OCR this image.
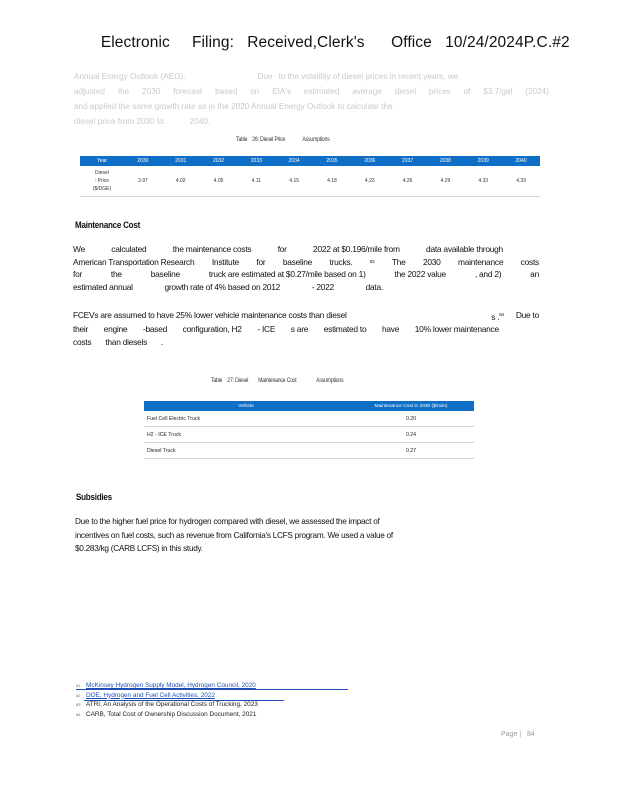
Electronic Filing: Received,Clerk's Office 10/24/2024P.C.#2

Annual Energy Outlook (AEO).	Due to the volatility of diesel prices in recent years, we
adjusted the 2030 forecast based on EIA's estimated average diesel prices of $3.7/gal (2024)
and applied the same growth rate as in the 2020 Annual Energy Outlook to calculate the
diesel price from 2030 to	2040.
Table 26: Diesel Price	Assumptions
Year	2030	2031	2032	2033	2034	2035	2036	2037	2038	2039	2040

Diesel
: Price
($/DGE)	3.97	4.02	4.05	4.11	4.15	4.18	4.23	4.26	4.29	4.33	4.33
Maintenance Cost
We	calculated	the maintenance costs	for	2022 at $0.196/mile from	data available through
American Transportation Research Institute for baseline trucks.	83 The 2030 maintenance costs
for	the	baseline	truck are estimated at $0.27/mile based on 1)	the 2022 value	, and 2)	an
estimated annual	growth rate of 4% based on 2012	- 2022	data.
FCEVs are assumed to have 25% lower vehicle maintenance costs than diesel	s .$^{84}$ Due to
their engine -based configuration, H2 - ICE s are estimated to have 10% lower maintenance
costs than diesels .
Table 27: Diesel Maintenance Cost	Assumptions
Vehicle	Maintenance Cost in 2030 ($/mile)
Fuel Cell Electric Truck	0.20
H2 - ICE Truck	0.24
Diesel Truck	0.27
Subsidies
Due to the higher fuel price for hydrogen compared with diesel, we assessed the impact of
incentives on fuel costs, such as revenue from California's LCFS program. We used a value of
$0.283/kg (CARB LCFS) in this study.
81 McKinsey Hydrogen Supply Model, Hydrogen Council, 2020
82 DOE, Hydrogen and Fuel Cell Activities, 2022
83 ATRI, An Analysis of the Operational Costs of Trucking, 2023
84 CARB, Total Cost of Ownership Discussion Document, 2021
Page | 84
